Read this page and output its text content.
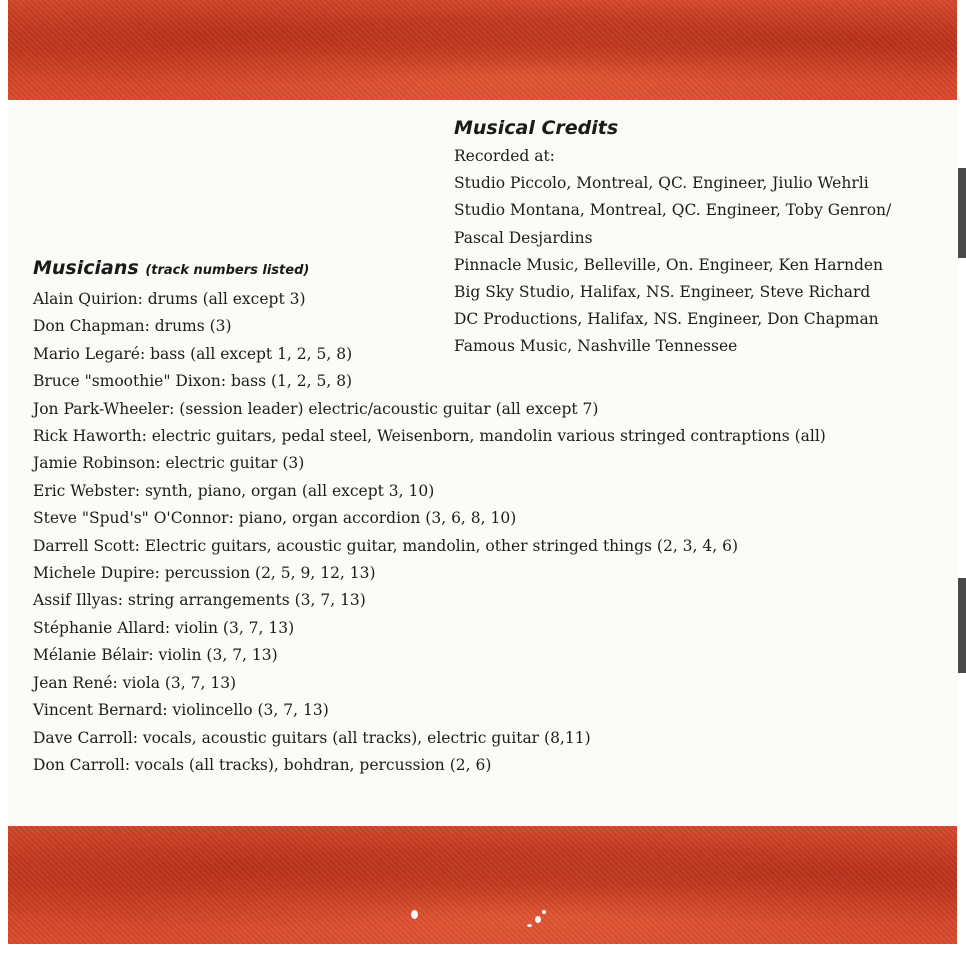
Musical Credits
Recorded at:
Studio Piccolo, Montreal, QC. Engineer, Jiulio Wehrli
Studio Montana, Montreal, QC. Engineer, Toby Genron/
Pascal Desjardins
Pinnacle Music, Belleville, On. Engineer, Ken Harnden
Big Sky Studio, Halifax, NS. Engineer, Steve Richard
DC Productions, Halifax, NS. Engineer, Don Chapman
Famous Music, Nashville Tennessee
Musicians (track numbers listed)
Alain Quirion: drums (all except 3)
Don Chapman: drums (3)
Mario Legaré: bass (all except 1, 2, 5, 8)
Bruce "smoothie" Dixon: bass (1, 2, 5, 8)
Jon Park-Wheeler: (session leader) electric/acoustic guitar (all except 7)
Rick Haworth: electric guitars, pedal steel, Weisenborn, mandolin various stringed contraptions (all)
Jamie Robinson: electric guitar (3)
Eric Webster: synth, piano, organ (all except 3, 10)
Steve "Spud's" O'Connor: piano, organ accordion (3, 6, 8, 10)
Darrell Scott: Electric guitars, acoustic guitar, mandolin, other stringed things (2, 3, 4, 6)
Michele Dupire: percussion (2, 5, 9, 12, 13)
Assif Illyas: string arrangements (3, 7, 13)
Stéphanie Allard: violin (3, 7, 13)
Mélanie Bélair: violin (3, 7, 13)
Jean René: viola (3, 7, 13)
Vincent Bernard: violincello (3, 7, 13)
Dave Carroll: vocals, acoustic guitars (all tracks), electric guitar (8,11)
Don Carroll: vocals (all tracks), bohdran, percussion (2, 6)
